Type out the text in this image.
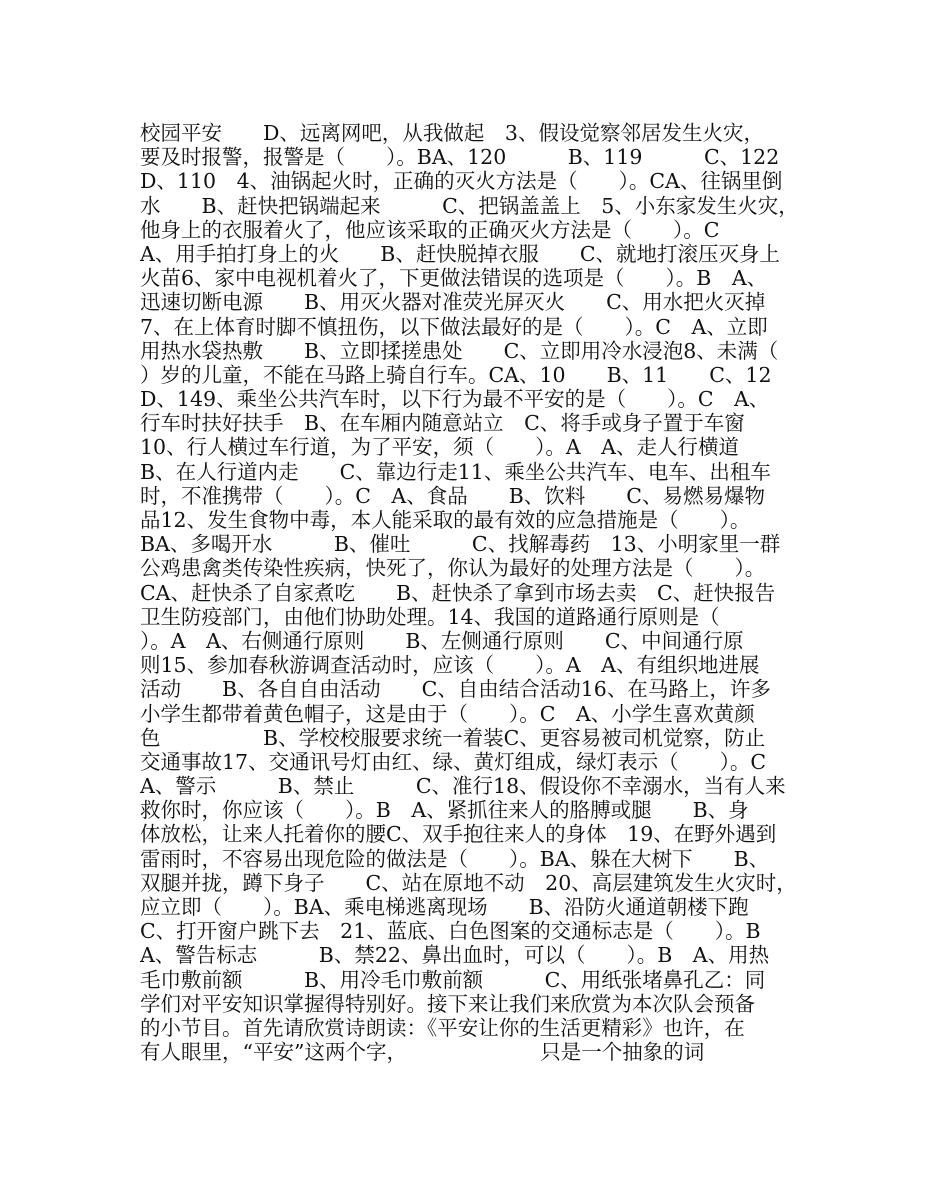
校园平安　　D、远离网吧，从我做起　3、假设觉察邻居发生火灾，
要及时报警，报警是（　　）。BA、120　　　B、119　　　C、122
D、110　4、油锅起火时，正确的灭火方法是（　　）。CA、往锅里倒
水　　B、赶快把锅端起来　　　C、把锅盖盖上　5、小东家发生火灾，
他身上的衣服着火了，他应该采取的正确灭火方法是（　　）。C
A、用手拍打身上的火　　B、赶快脱掉衣服　　C、就地打滚压灭身上
火苗6、家中电视机着火了，下更做法错误的选项是（　　）。B　A、
迅速切断电源　　B、用灭火器对准荧光屏灭火　　C、用水把火灭掉
7、在上体育时脚不慎扭伤，以下做法最好的是（　　）。C　A、立即
用热水袋热敷　　B、立即揉搓患处　　C、立即用冷水浸泡8、未满（
）岁的儿童，不能在马路上骑自行车。CA、10　　B、11　　C、12
D、149、乘坐公共汽车时，以下行为最不平安的是（　　）。C　A、
行车时扶好扶手　B、在车厢内随意站立　C、将手或身子置于车窗
10、行人横过车行道，为了平安，须（　　）。A　A、走人行横道
B、在人行道内走　　C、靠边行走11、乘坐公共汽车、电车、出租车
时，不准携带（　　）。C　A、食品　　B、饮料　　C、易燃易爆物
品12、发生食物中毒，本人能采取的最有效的应急措施是（　　）。
BA、多喝开水　　　B、催吐　　　C、找解毒药　13、小明家里一群
公鸡患禽类传染性疾病，快死了，你认为最好的处理方法是（　　）。
CA、赶快杀了自家煮吃　　B、赶快杀了拿到市场去卖　C、赶快报告
卫生防疫部门，由他们协助处理。14、我国的道路通行原则是（
）。A　A、右侧通行原则　　B、左侧通行原则　　C、中间通行原
则15、参加春秋游调查活动时，应该（　　）。A　A、有组织地进展
活动　　B、各自自由活动　　C、自由结合活动16、在马路上，许多
小学生都带着黄色帽子，这是由于（　　）。C　A、小学生喜欢黄颜
色　　　　　B、学校校服要求统一着装C、更容易被司机觉察，防止
交通事故17、交通讯号灯由红、绿、黄灯组成，绿灯表示（　　）。C
A、警示　　　B、禁止　　　C、准行18、假设你不幸溺水，当有人来
救你时，你应该（　　）。B　A、紧抓往来人的胳膊或腿　　B、身
体放松，让来人托着你的腰C、双手抱往来人的身体　19、在野外遇到
雷雨时，不容易出现危险的做法是（　　）。BA、躲在大树下　　B、
双腿并拢，蹲下身子　　C、站在原地不动　20、高层建筑发生火灾时，
应立即（　　）。BA、乘电梯逃离现场　　B、沿防火通道朝楼下跑
C、打开窗户跳下去　21、蓝底、白色图案的交通标志是（　　）。B
A、警告标志　　　B、禁22、鼻出血时，可以（　　）。B　A、用热
毛巾敷前额　　　B、用冷毛巾敷前额　　　C、用纸张堵鼻孔乙：同
学们对平安知识掌握得特别好。接下来让我们来欣赏为本次队会预备
的小节目。首先请欣赏诗朗读：《平安让你的生活更精彩》也许，在
有人眼里，“平安”这两个字，　　　　　　　只是一个抽象的词
